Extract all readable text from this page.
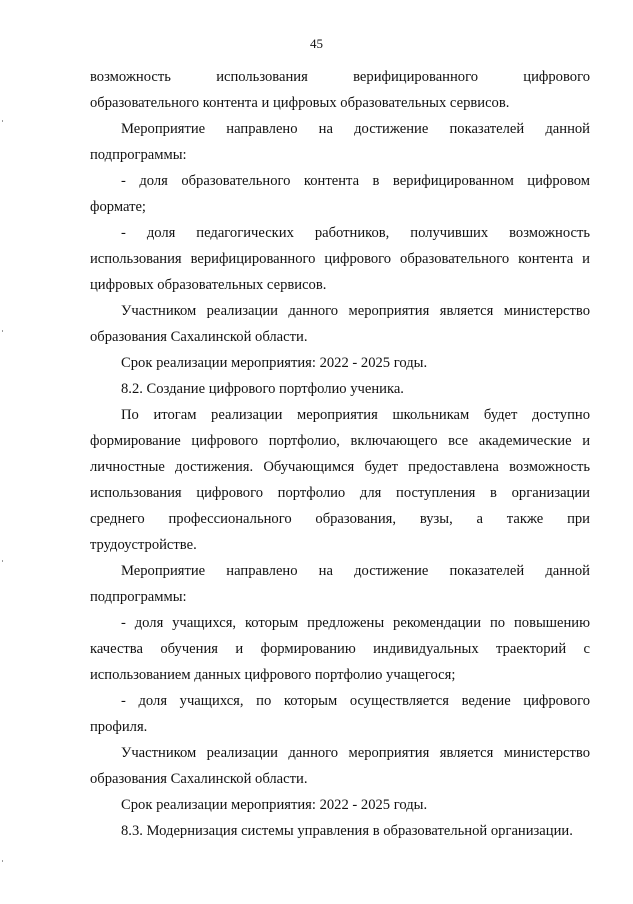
45

возможность использования верифицированного цифрового

образовательного контента и цифровых образовательных сервисов.

Мероприятие направлено на достижение показателей данной

подпрограммы:

- доля образовательного контента в верифицированном цифровом

формате;

- доля педагогических работников, получивших возможность

использования верифицированного цифрового образовательного контента и

цифровых образовательных сервисов.

Участником реализации данного мероприятия является министерство

образования Сахалинской области.

Срок реализации мероприятия: 2022 - 2025 годы.

8.2. Создание цифрового портфолио ученика.

По итогам реализации мероприятия школьникам будет доступно

формирование цифрового портфолио, включающего все академические и

личностные достижения. Обучающимся будет предоставлена возможность

использования цифрового портфолио для поступления в организации

среднего профессионального образования, вузы, а также при

трудоустройстве.

Мероприятие направлено на достижение показателей данной

подпрограммы:

- доля учащихся, которым предложены рекомендации по повышению

качества обучения и формированию индивидуальных траекторий с

использованием данных цифрового портфолио учащегося;

- доля учащихся, по которым осуществляется ведение цифрового

профиля.

Участником реализации данного мероприятия является министерство

образования Сахалинской области.

Срок реализации мероприятия: 2022 - 2025 годы.

8.3. Модернизация системы управления в образовательной организации.
